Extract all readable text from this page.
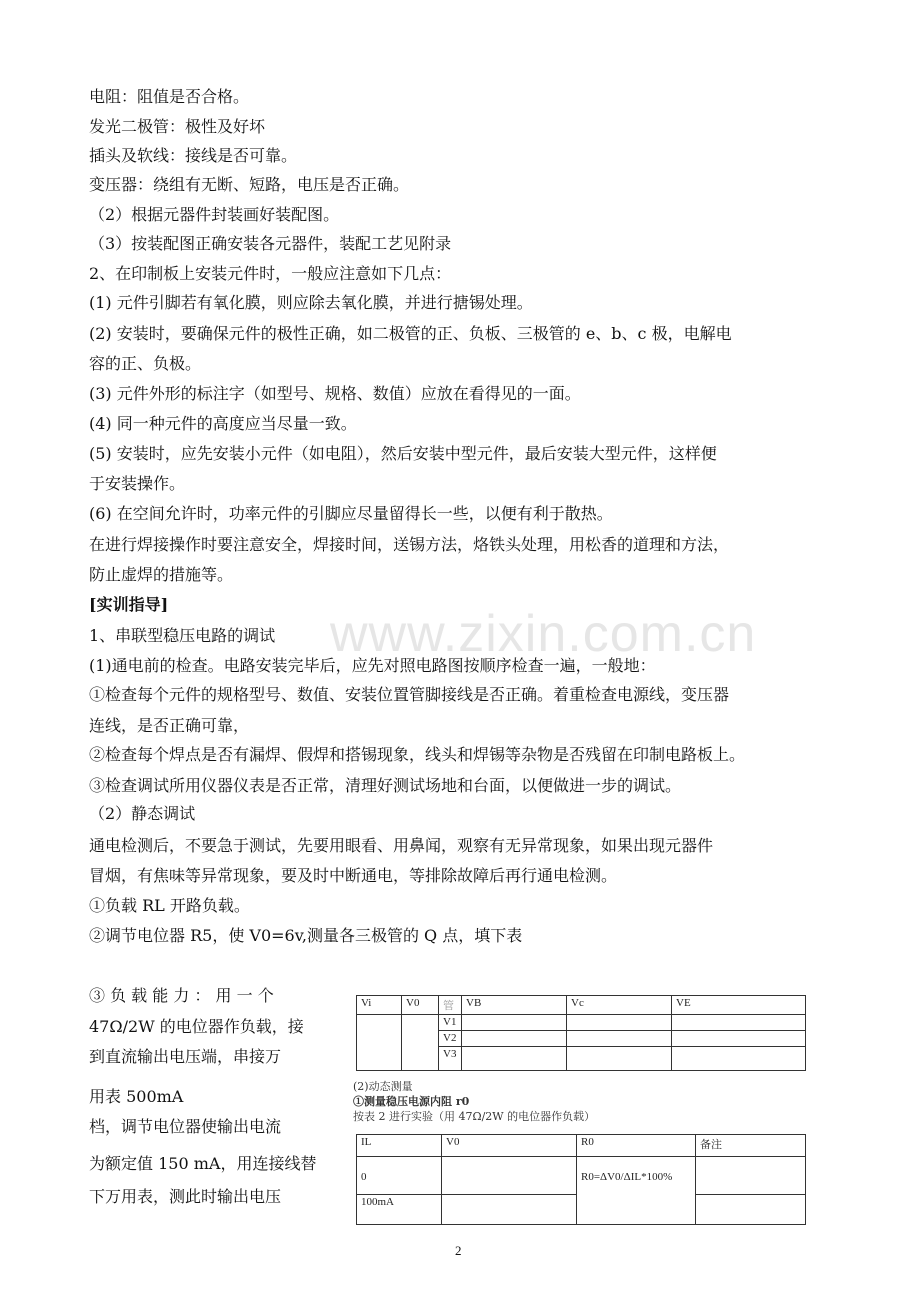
www.zixin.com.cn
电阻：阻值是否合格。
发光二极管：极性及好坏
插头及软线：接线是否可靠。
变压器：绕组有无断、短路，电压是否正确。
（2）根据元器件封装画好装配图。
（3）按装配图正确安装各元器件，装配工艺见附录
2、在印制板上安装元件时，一般应注意如下几点：
(1) 元件引脚若有氧化膜，则应除去氧化膜，并进行搪锡处理。
(2) 安装时，要确保元件的极性正确，如二极管的正、负板、三极管的 e、b、c 极，电解电
容的正、负极。
(3) 元件外形的标注字（如型号、规格、数值）应放在看得见的一面。
(4) 同一种元件的高度应当尽量一致。
(5) 安装时，应先安装小元件（如电阻），然后安装中型元件，最后安装大型元件，这样便
于安装操作。
(6) 在空间允许时，功率元件的引脚应尽量留得长一些，以便有利于散热。
在进行焊接操作时要注意安全，焊接时间，送锡方法，烙铁头处理，用松香的道理和方法，
防止虚焊的措施等。
[实训指导]
1、串联型稳压电路的调试
(1)通电前的检查。电路安装完毕后，应先对照电路图按顺序检查一遍，一般地：
①检查每个元件的规格型号、数值、安装位置管脚接线是否正确。着重检查电源线，变压器
连线，是否正确可靠，
②检查每个焊点是否有漏焊、假焊和搭锡现象，线头和焊锡等杂物是否残留在印制电路板上。
③检查调试所用仪器仪表是否正常，清理好测试场地和台面，以便做进一步的调试。
（2）静态调试
通电检测后，不要急于测试，先要用眼看、用鼻闻，观察有无异常现象，如果出现元器件
冒烟，有焦味等异常现象，要及时中断通电，等排除故障后再行通电检测。
①负载 RL 开路负载。
②调节电位器 R5，使 V0=6v,测量各三极管的 Q 点，填下表
③ 负 载 能 力 ： 用 一 个
47Ω/2W 的电位器作负载，接
到直流输出电压端，串接万
用表 500mA
档，调节电位器使输出电流
为额定值 150 mA，用连接线替
下万用表，测此时输出电压
Vi	V0	管	VB	Vc	VE
		V1			
		V2			
		V3			
(2)动态测量
①测量稳压电源内阻 r0
按表 2 进行实验（用 47Ω/2W 的电位器作负载）
IL	V0	R0	备注
0		R0=ΔV0/ΔIL*100%	
100mA			
2
